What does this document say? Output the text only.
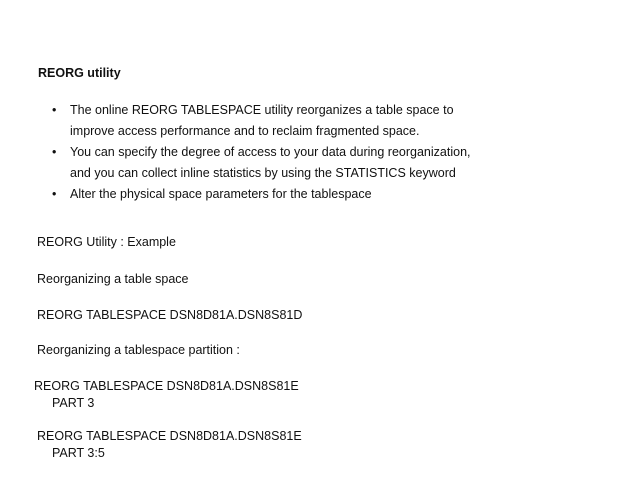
REORG utility
• The online REORG TABLESPACE utility reorganizes a table space to
improve access performance and to reclaim fragmented space.
• You can specify the degree of access to your data during reorganization,
and you can collect inline statistics by using the STATISTICS keyword
• Alter the physical space parameters for the tablespace
REORG Utility : Example
Reorganizing a table space
REORG TABLESPACE DSN8D81A.DSN8S81D
Reorganizing a tablespace partition :
REORG TABLESPACE DSN8D81A.DSN8S81E
PART 3
REORG TABLESPACE DSN8D81A.DSN8S81E
PART 3:5
